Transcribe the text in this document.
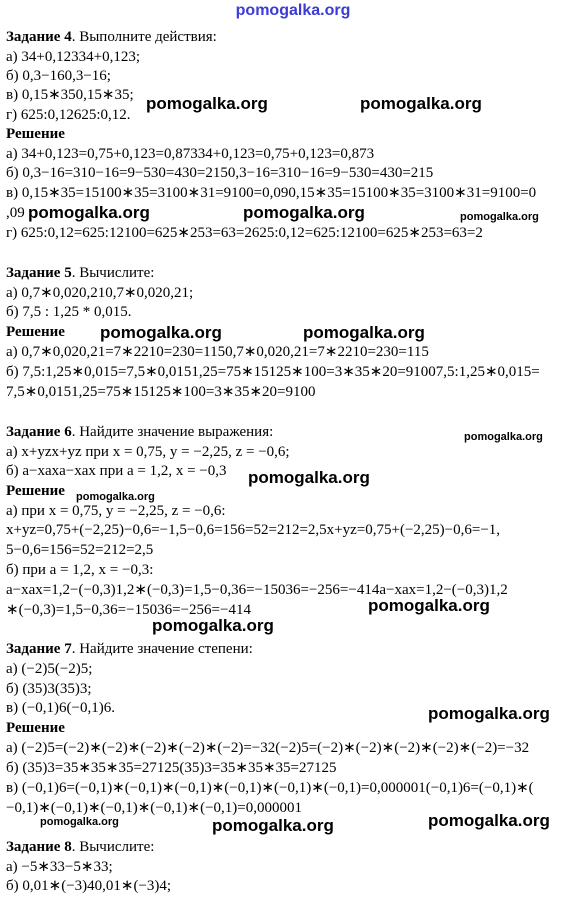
pomogalka.org
Задание 4. Выполните действия:
а) 34+0,12334+0,123;
б) 0,3−160,3−16;
в) 0,15∗350,15∗35;
г) 625:0,12625:0,12.
Решение
а) 34+0,123=0,75+0,123=0,87334+0,123=0,75+0,123=0,873
б) 0,3−16=310−16=9−530=430=2150,3−16=310−16=9−530=430=215
в) 0,15∗35=15100∗35=3100∗31=9100=0,090,15∗35=15100∗35=3100∗31=9100=0
,09
г) 625:0,12=625:12100=625∗253=63=2625:0,12=625:12100=625∗253=63=2
Задание 5. Вычислите:
а) 0,7∗0,020,210,7∗0,020,21;
б) 7,5 : 1,25 * 0,015.
Решение
а) 0,7∗0,020,21=7∗2210=230=1150,7∗0,020,21=7∗2210=230=115
б) 7,5:1,25∗0,015=7,5∗0,0151,25=75∗15125∗100=3∗35∗20=91007,5:1,25∗0,015=
7,5∗0,0151,25=75∗15125∗100=3∗35∗20=9100
Задание 6. Найдите значение выражения:
а) x+yzx+yz при x = 0,75, y = −2,25, z = −0,6;
б) a−xaxa−xax при a = 1,2, x = −0,3
Решение
а) при x = 0,75, y = −2,25, z = −0,6:
x+yz=0,75+(−2,25)−0,6=−1,5−0,6=156=52=212=2,5x+yz=0,75+(−2,25)−0,6=−1,
5−0,6=156=52=212=2,5
б) при a = 1,2, x = −0,3:
a−xax=1,2−(−0,3)1,2∗(−0,3)=1,5−0,36=−15036=−256=−414a−xax=1,2−(−0,3)1,2
∗(−0,3)=1,5−0,36=−15036=−256=−414
Задание 7. Найдите значение степени:
а) (−2)5(−2)5;
б) (35)3(35)3;
в) (−0,1)6(−0,1)6.
Решение
а) (−2)5=(−2)∗(−2)∗(−2)∗(−2)∗(−2)=−32(−2)5=(−2)∗(−2)∗(−2)∗(−2)∗(−2)=−32
б) (35)3=35∗35∗35=27125(35)3=35∗35∗35=27125
в) (−0,1)6=(−0,1)∗(−0,1)∗(−0,1)∗(−0,1)∗(−0,1)∗(−0,1)=0,000001(−0,1)6=(−0,1)∗(
−0,1)∗(−0,1)∗(−0,1)∗(−0,1)∗(−0,1)=0,000001
Задание 8. Вычислите:
а) −5∗33−5∗33;
б) 0,01∗(−3)40,01∗(−3)4;
pomogalka.org	pomogalka.org
pomogalka.org	pomogalka.org	pomogalka.org
pomogalka.org	pomogalka.org
pomogalka.org
pomogalka.org
pomogalka.org
pomogalka.org
pomogalka.org
pomogalka.org
pomogalka.org	pomogalka.org	pomogalka.org
